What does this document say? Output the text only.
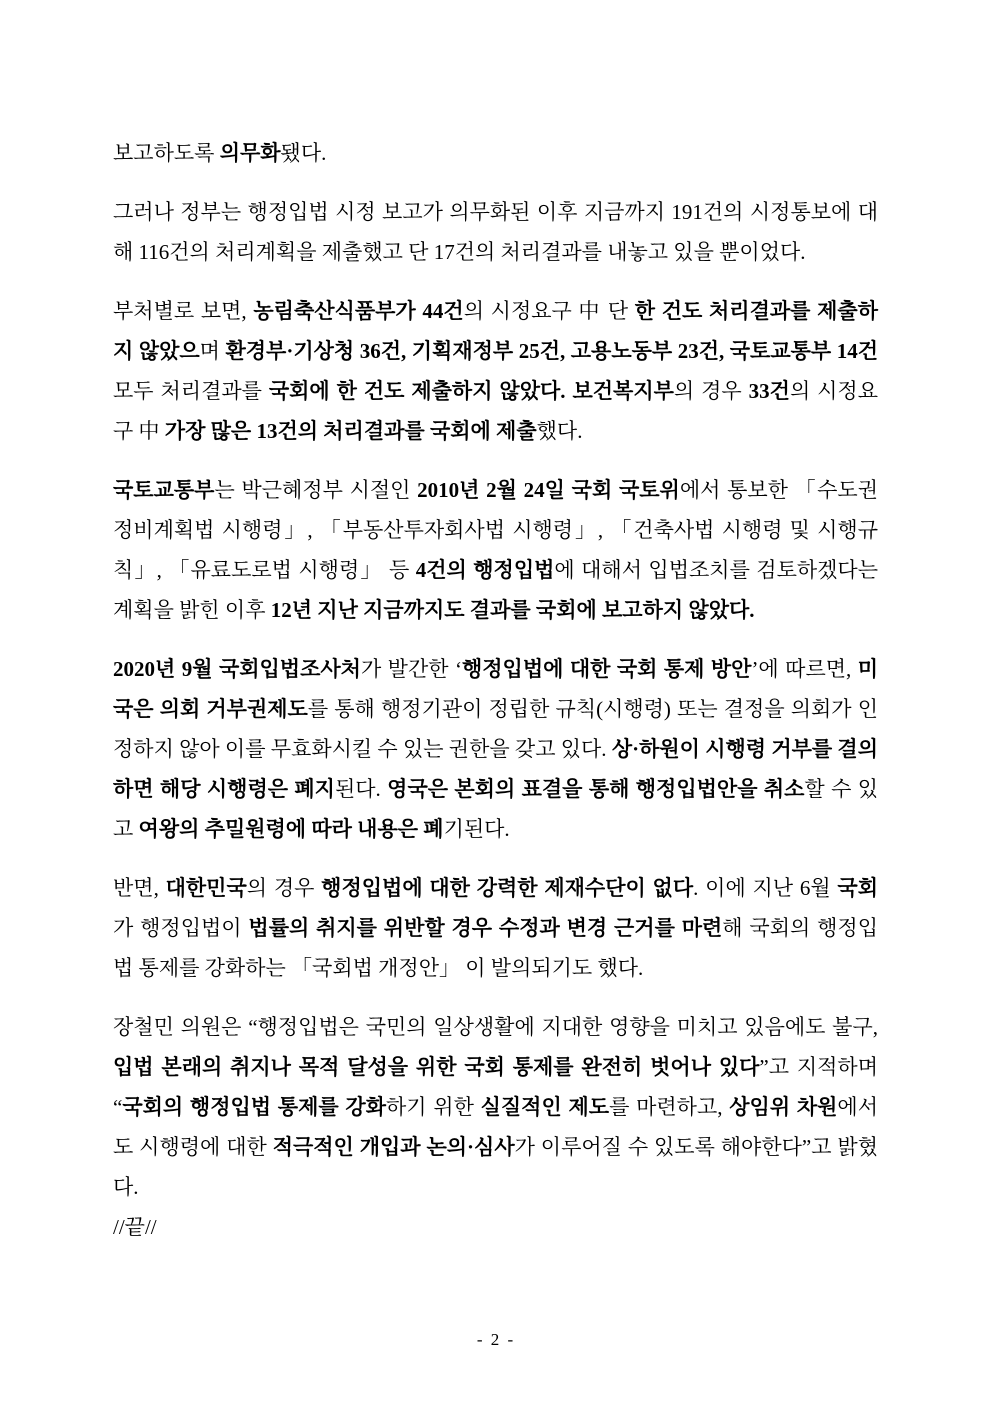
보고하도록 의무화됐다.

그러나 정부는 행정입법 시정 보고가 의무화된 이후 지금까지 191건의 시정통보에 대해 116건의 처리계획을 제출했고 단 17건의 처리결과를 내놓고 있을 뿐이었다.

부처별로 보면, 농림축산식품부가 44건의 시정요구 中 단 한 건도 처리결과를 제출하지 않았으며 환경부·기상청 36건, 기획재정부 25건, 고용노동부 23건, 국토교통부 14건 모두 처리결과를 국회에 한 건도 제출하지 않았다. 보건복지부의 경우 33건의 시정요구 中 가장 많은 13건의 처리결과를 국회에 제출했다.

국토교통부는 박근혜정부 시절인 2010년 2월 24일 국회 국토위에서 통보한 「수도권 정비계획법 시행령」, 「부동산투자회사법 시행령」, 「건축사법 시행령 및 시행규칙」, 「유료도로법 시행령」 등 4건의 행정입법에 대해서 입법조치를 검토하겠다는 계획을 밝힌 이후 12년 지난 지금까지도 결과를 국회에 보고하지 않았다.

2020년 9월 국회입법조사처가 발간한 ‘행정입법에 대한 국회 통제 방안’에 따르면, 미국은 의회 거부권제도를 통해 행정기관이 정립한 규칙(시행령) 또는 결정을 의회가 인정하지 않아 이를 무효화시킬 수 있는 권한을 갖고 있다. 상·하원이 시행령 거부를 결의하면 해당 시행령은 폐지된다. 영국은 본회의 표결을 통해 행정입법안을 취소할 수 있고 여왕의 추밀원령에 따라 내용은 폐기된다.

반면, 대한민국의 경우 행정입법에 대한 강력한 제재수단이 없다. 이에 지난 6월 국회가 행정입법이 법률의 취지를 위반할 경우 수정과 변경 근거를 마련해 국회의 행정입법 통제를 강화하는 「국회법 개정안」 이 발의되기도 했다.

장철민 의원은 “행정입법은 국민의 일상생활에 지대한 영향을 미치고 있음에도 불구, 입법 본래의 취지나 목적 달성을 위한 국회 통제를 완전히 벗어나 있다”고 지적하며 “국회의 행정입법 통제를 강화하기 위한 실질적인 제도를 마련하고, 상임위 차원에서도 시행령에 대한 적극적인 개입과 논의·심사가 이루어질 수 있도록 해야한다”고 밝혔다.

//끝//

- 2 -
